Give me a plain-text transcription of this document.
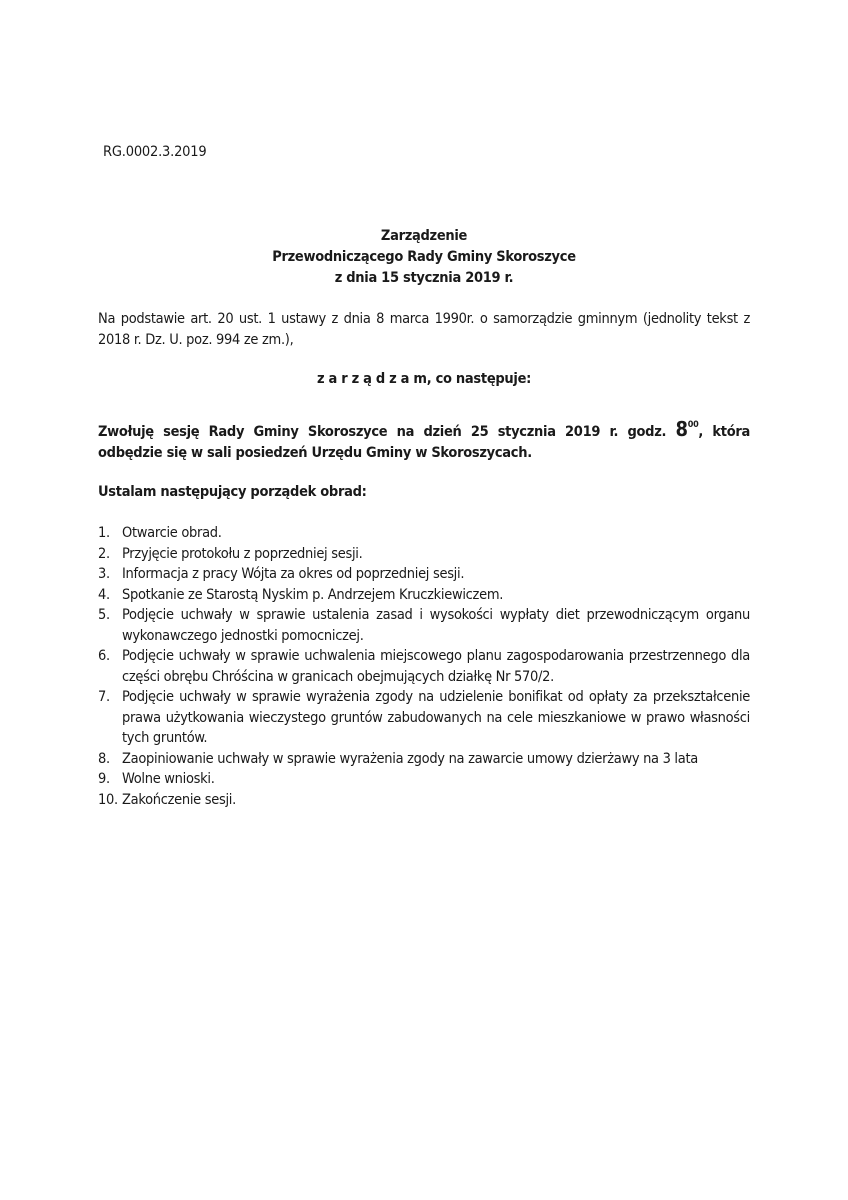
RG.0002.3.2019
Zarządzenie
Przewodniczącego Rady Gminy Skoroszyce
z dnia 15 stycznia 2019 r.
Na podstawie art. 20 ust. 1 ustawy z dnia 8 marca 1990r. o samorządzie gminnym (jednolity tekst z 2018 r. Dz. U. poz. 994 ze zm.),
z a r z ą d z a m, co następuje:
Zwołuję sesję Rady Gminy Skoroszyce na dzień 25 stycznia 2019 r. godz. $8^{00}$, która odbędzie się w sali posiedzeń Urzędu Gminy w Skoroszycach.
Ustalam następujący porządek obrad:
1. Otwarcie obrad.
2. Przyjęcie protokołu z poprzedniej sesji.
3. Informacja z pracy Wójta za okres od poprzedniej sesji.
4. Spotkanie ze Starostą Nyskim p. Andrzejem Kruczkiewiczem.
5. Podjęcie uchwały w sprawie ustalenia zasad i wysokości wypłaty diet przewodniczącym organu wykonawczego jednostki pomocniczej.
6. Podjęcie uchwały w sprawie uchwalenia miejscowego planu zagospodarowania przestrzennego dla części obrębu Chróścina w granicach obejmujących działkę Nr 570/2.
7. Podjęcie uchwały w sprawie wyrażenia zgody na udzielenie bonifikat od opłaty za przekształcenie prawa użytkowania wieczystego gruntów zabudowanych na cele mieszkaniowe w prawo własności tych gruntów.
8. Zaopiniowanie uchwały w sprawie wyrażenia zgody na zawarcie umowy dzierżawy na 3 lata
9. Wolne wnioski.
10. Zakończenie sesji.
